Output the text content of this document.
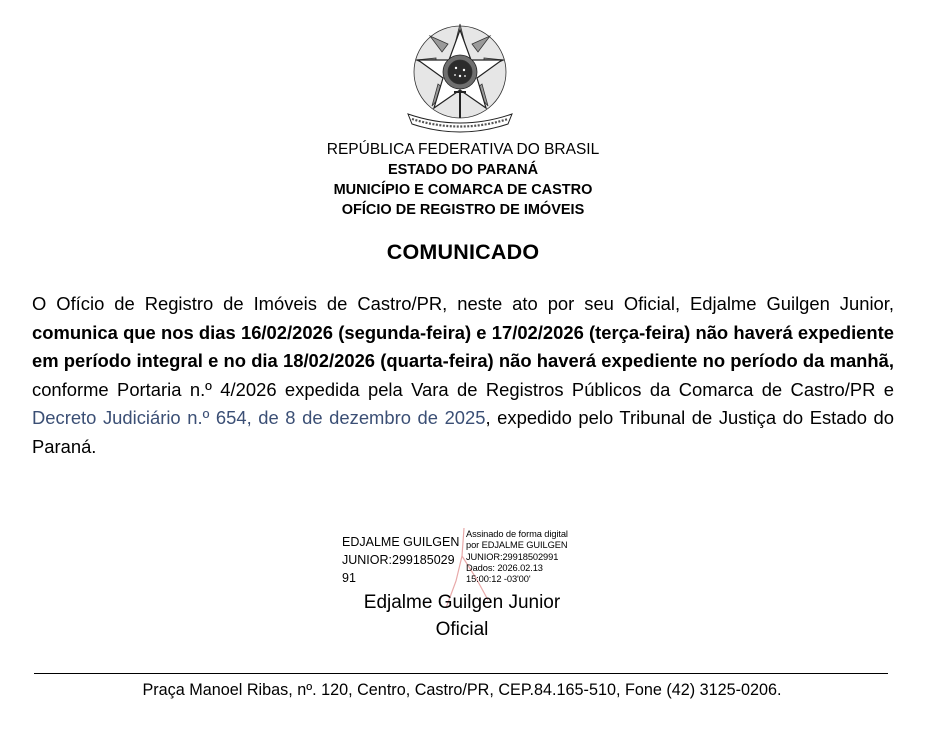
REPÚBLICA FEDERATIVA DO BRASIL
ESTADO DO PARANÁ
MUNICÍPIO E COMARCA DE CASTRO
OFÍCIO DE REGISTRO DE IMÓVEIS
COMUNICADO
O Ofício de Registro de Imóveis de Castro/PR, neste ato por seu Oficial, Edjalme Guilgen Junior, comunica que nos dias 16/02/2026 (segunda-feira) e 17/02/2026 (terça-feira) não haverá expediente em período integral e no dia 18/02/2026 (quarta-feira) não haverá expediente no período da manhã, conforme Portaria n.º 4/2026 expedida pela Vara de Registros Públicos da Comarca de Castro/PR e Decreto Judiciário n.º 654, de 8 de dezembro de 2025, expedido pelo Tribunal de Justiça do Estado do Paraná.
EDJALME GUILGEN
JUNIOR:299185029
91
Assinado de forma digital
por EDJALME GUILGEN
JUNIOR:29918502991
Dados: 2026.02.13
15:00:12 -03'00'
Edjalme Guilgen Junior
Oficial
Praça Manoel Ribas, nº. 120, Centro, Castro/PR, CEP.84.165-510, Fone (42) 3125-0206.
